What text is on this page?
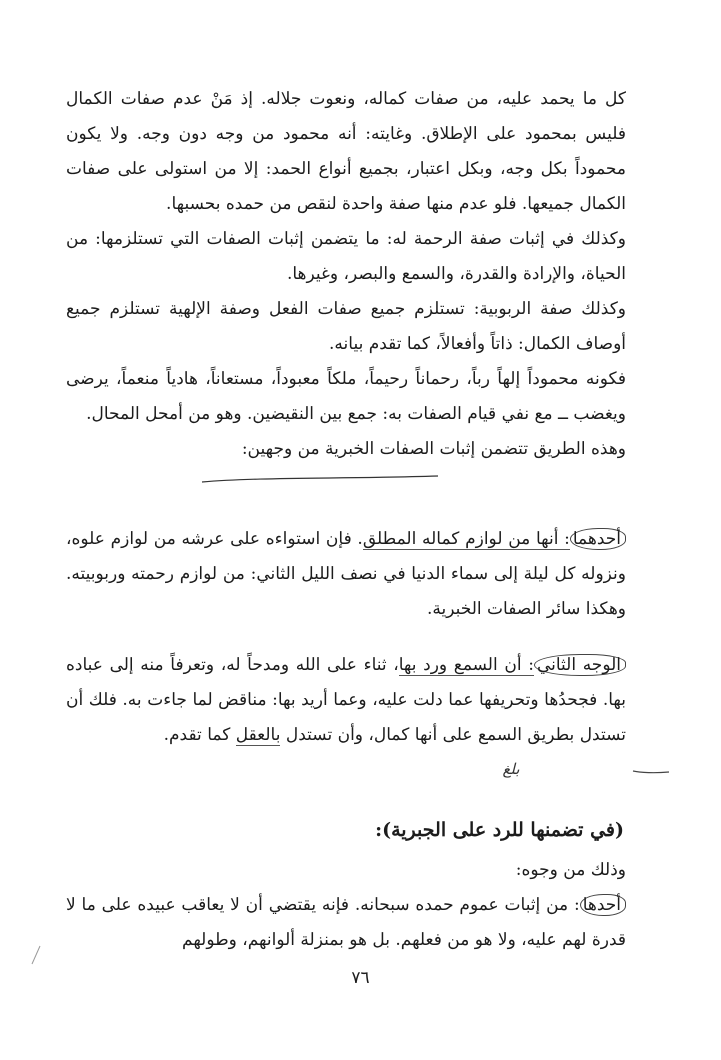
كل ما يحمد عليه، من صفات كماله، ونعوت جلاله. إذ مَنْ عدم صفات الكمال فليس بمحمود على الإطلاق. وغايته: أنه محمود من وجه دون وجه. ولا يكون محموداً بكل وجه، وبكل اعتبار، بجميع أنواع الحمد: إلا من استولى على صفات الكمال جميعها. فلو عدم منها صفة واحدة لنقص من حمده بحسبها.

وكذلك في إثبات صفة الرحمة له: ما يتضمن إثبات الصفات التي تستلزمها: من الحياة، والإرادة والقدرة، والسمع والبصر، وغيرها.

وكذلك صفة الربوبية: تستلزم جميع صفات الفعل وصفة الإلهية تستلزم جميع أوصاف الكمال: ذاتاً وأفعالاً، كما تقدم بيانه.

فكونه محموداً إلهاً رباً، رحماناً رحيماً، ملكاً معبوداً، مستعاناً، هادياً منعماً، يرضى ويغضب ــ مع نفي قيام الصفات به: جمع بين النقيضين. وهو من أمحل المحال.

وهذه الطريق تتضمن إثبات الصفات الخبرية من وجهين:

أحدهما: أنها من لوازم كماله المطلق. فإن استواءه على عرشه من لوازم علوه، ونزوله كل ليلة إلى سماء الدنيا في نصف الليل الثاني: من لوازم رحمته وربوبيته. وهكذا سائر الصفات الخبرية.

الوجه الثاني: أن السمع ورد بها، ثناء على الله ومدحاً له، وتعرفاً منه إلى عباده بها. فجحدُها وتحريفها عما دلت عليه، وعما أريد بها: مناقض لما جاءت به. فلك أن تستدل بطريق السمع على أنها كمال، وأن تستدل بالعقل كما تقدم.

بلغ
(في تضمنها للرد على الجبرية):

وذلك من وجوه:

أحدها: من إثبات عموم حمده سبحانه. فإنه يقتضي أن لا يعاقب عبيده على ما لا قدرة لهم عليه، ولا هو من فعلهم. بل هو بمنزلة ألوانهم، وطولهم

٧٦
